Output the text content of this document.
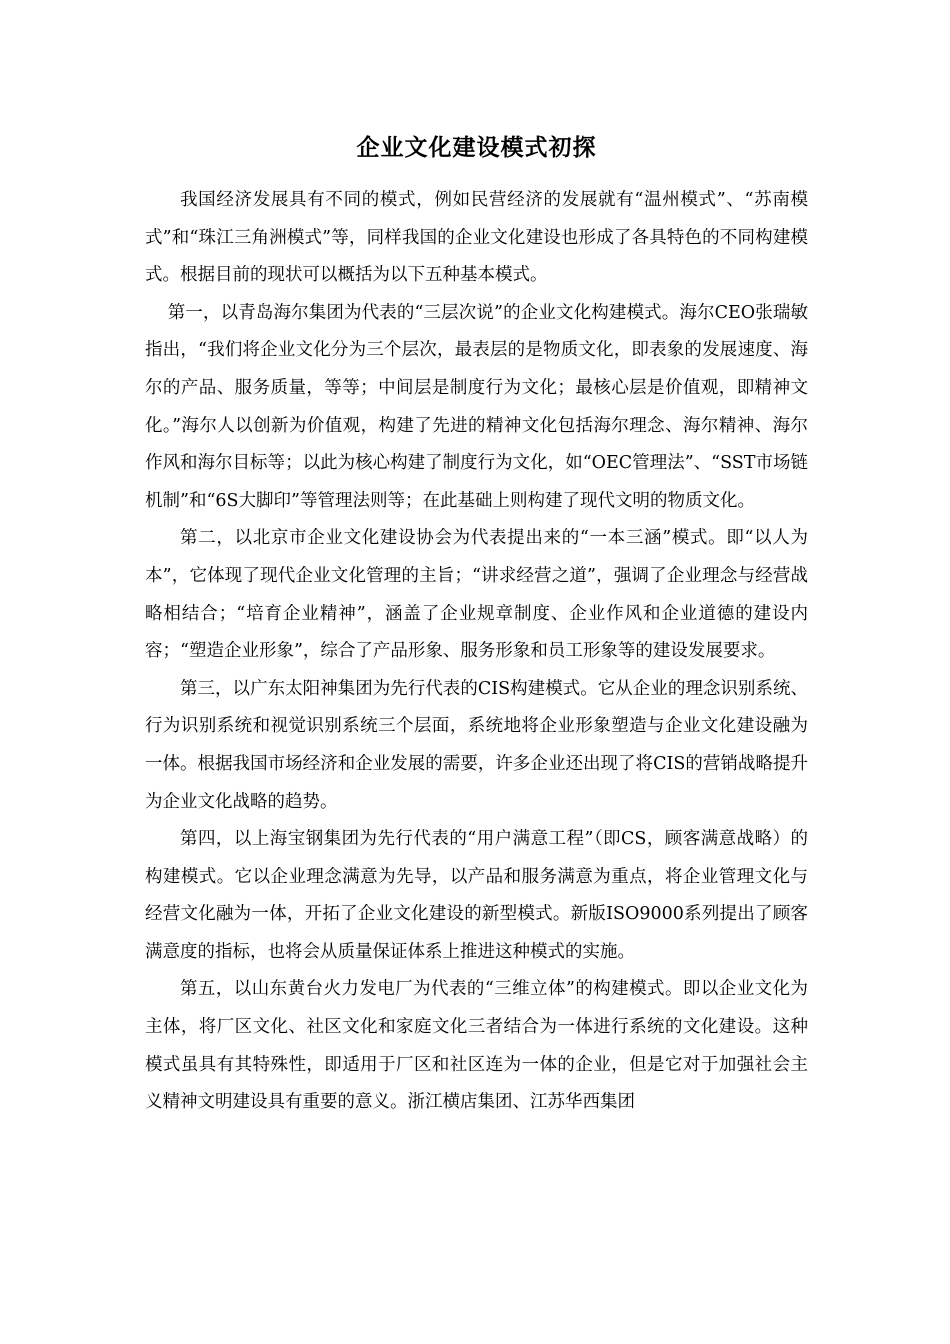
企业文化建设模式初探

我国经济发展具有不同的模式，例如民营经济的发展就有“温州模式”、“苏南模式”和“珠江三角洲模式”等，同样我国的企业文化建设也形成了各具特色的不同构建模式。根据目前的现状可以概括为以下五种基本模式。

第一，以青岛海尔集团为代表的“三层次说”的企业文化构建模式。海尔CEO张瑞敏指出，“我们将企业文化分为三个层次，最表层的是物质文化，即表象的发展速度、海尔的产品、服务质量，等等；中间层是制度行为文化；最核心层是价值观，即精神文化。”海尔人以创新为价值观，构建了先进的精神文化包括海尔理念、海尔精神、海尔作风和海尔目标等；以此为核心构建了制度行为文化，如“OEC管理法”、“SST市场链机制”和“6S大脚印”等管理法则等；在此基础上则构建了现代文明的物质文化。

第二，以北京市企业文化建设协会为代表提出来的“一本三涵”模式。即“以人为本”，它体现了现代企业文化管理的主旨；“讲求经营之道”，强调了企业理念与经营战略相结合；“培育企业精神”，涵盖了企业规章制度、企业作风和企业道德的建设内容；“塑造企业形象”，综合了产品形象、服务形象和员工形象等的建设发展要求。

第三，以广东太阳神集团为先行代表的CIS构建模式。它从企业的理念识别系统、行为识别系统和视觉识别系统三个层面，系统地将企业形象塑造与企业文化建设融为一体。根据我国市场经济和企业发展的需要，许多企业还出现了将CIS的营销战略提升为企业文化战略的趋势。

第四，以上海宝钢集团为先行代表的“用户满意工程”（即CS，顾客满意战略）的构建模式。它以企业理念满意为先导，以产品和服务满意为重点，将企业管理文化与经营文化融为一体，开拓了企业文化建设的新型模式。新版ISO9000系列提出了顾客满意度的指标，也将会从质量保证体系上推进这种模式的实施。

第五，以山东黄台火力发电厂为代表的“三维立体”的构建模式。即以企业文化为主体，将厂区文化、社区文化和家庭文化三者结合为一体进行系统的文化建设。这种模式虽具有其特殊性，即适用于厂区和社区连为一体的企业，但是它对于加强社会主义精神文明建设具有重要的意义。浙江横店集团、江苏华西集团
